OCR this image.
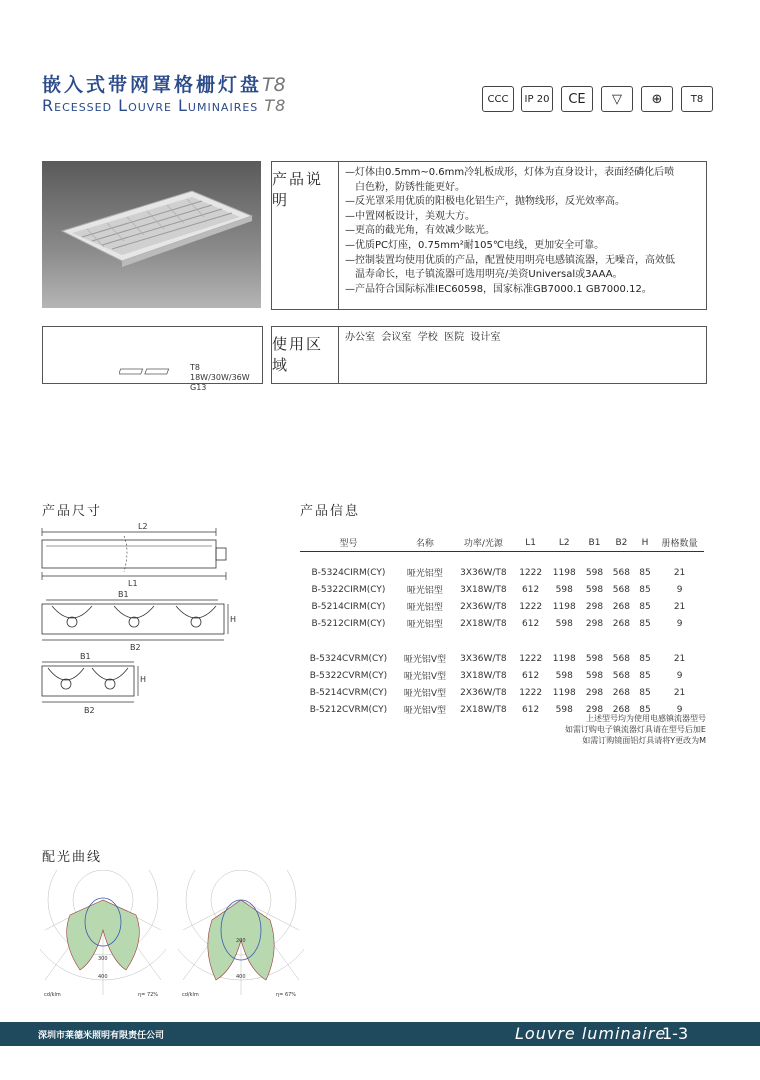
嵌入式带网罩格栅灯盘T8
Recessed Louvre Luminaires T8	CCC IP 20 CE ▽ ⊕	T8
产品说明
—灯体由0.5mm~0.6mm冷轧板成形，灯体为直身设计，表面经磷化后喷
白色粉，防锈性能更好。
—反光罩采用优质的阳极电化铝生产，抛物线形，反光效率高。
—中置网板设计，美观大方。
—更高的截光角，有效减少眩光。
—优质PC灯座，0.75mm²耐105℃电线，更加安全可靠。
—控制装置均使用优质的产品，配置使用明亮电感镇流器，无噪音，高效低
温寿命长，电子镇流器可选用明亮/美资Universal或3AAA。
—产品符合国际标准IEC60598，国家标准GB7000.1 GB7000.12。
T8 18W/30W/36W
G13
使用区域
办公室  会议室  学校  医院  设计室
产品尺寸
L2
L1
B1
H
B2
B1
H
B2
产品信息
型号	名称	功率/光源	L1	L2	B1	B2	H	册格数量

B-5324CIRM(CY)	哑光铝型	3X36W/T8	1222	1198	598	568	85	21
B-5322CIRM(CY)	哑光铝型	3X18W/T8	612	598	598	568	85	9
B-5214CIRM(CY)	哑光铝型	2X36W/T8	1222	1198	298	268	85	21
B-5212CIRM(CY)	哑光铝型	2X18W/T8	612	598	298	268	85	9

B-5324CVRM(CY)	哑光铝V型	3X36W/T8	1222	1198	598	568	85	21
B-5322CVRM(CY)	哑光铝V型	3X18W/T8	612	598	598	568	85	9
B-5214CVRM(CY)	哑光铝V型	2X36W/T8	1222	1198	298	268	85	21
B-5212CVRM(CY)	哑光铝V型	2X18W/T8	612	598	298	268	85	9
上述型号均为使用电感镇流器型号
如需订购电子镇流器灯具请在型号后加E
如需订购镜面铝灯具请将Y更改为M
配光曲线
300
400
cd/klm	η= 72%
200
400
cd/klm	η= 67%
深圳市莱德米照明有限责任公司	Louvre luminaire
1-3
